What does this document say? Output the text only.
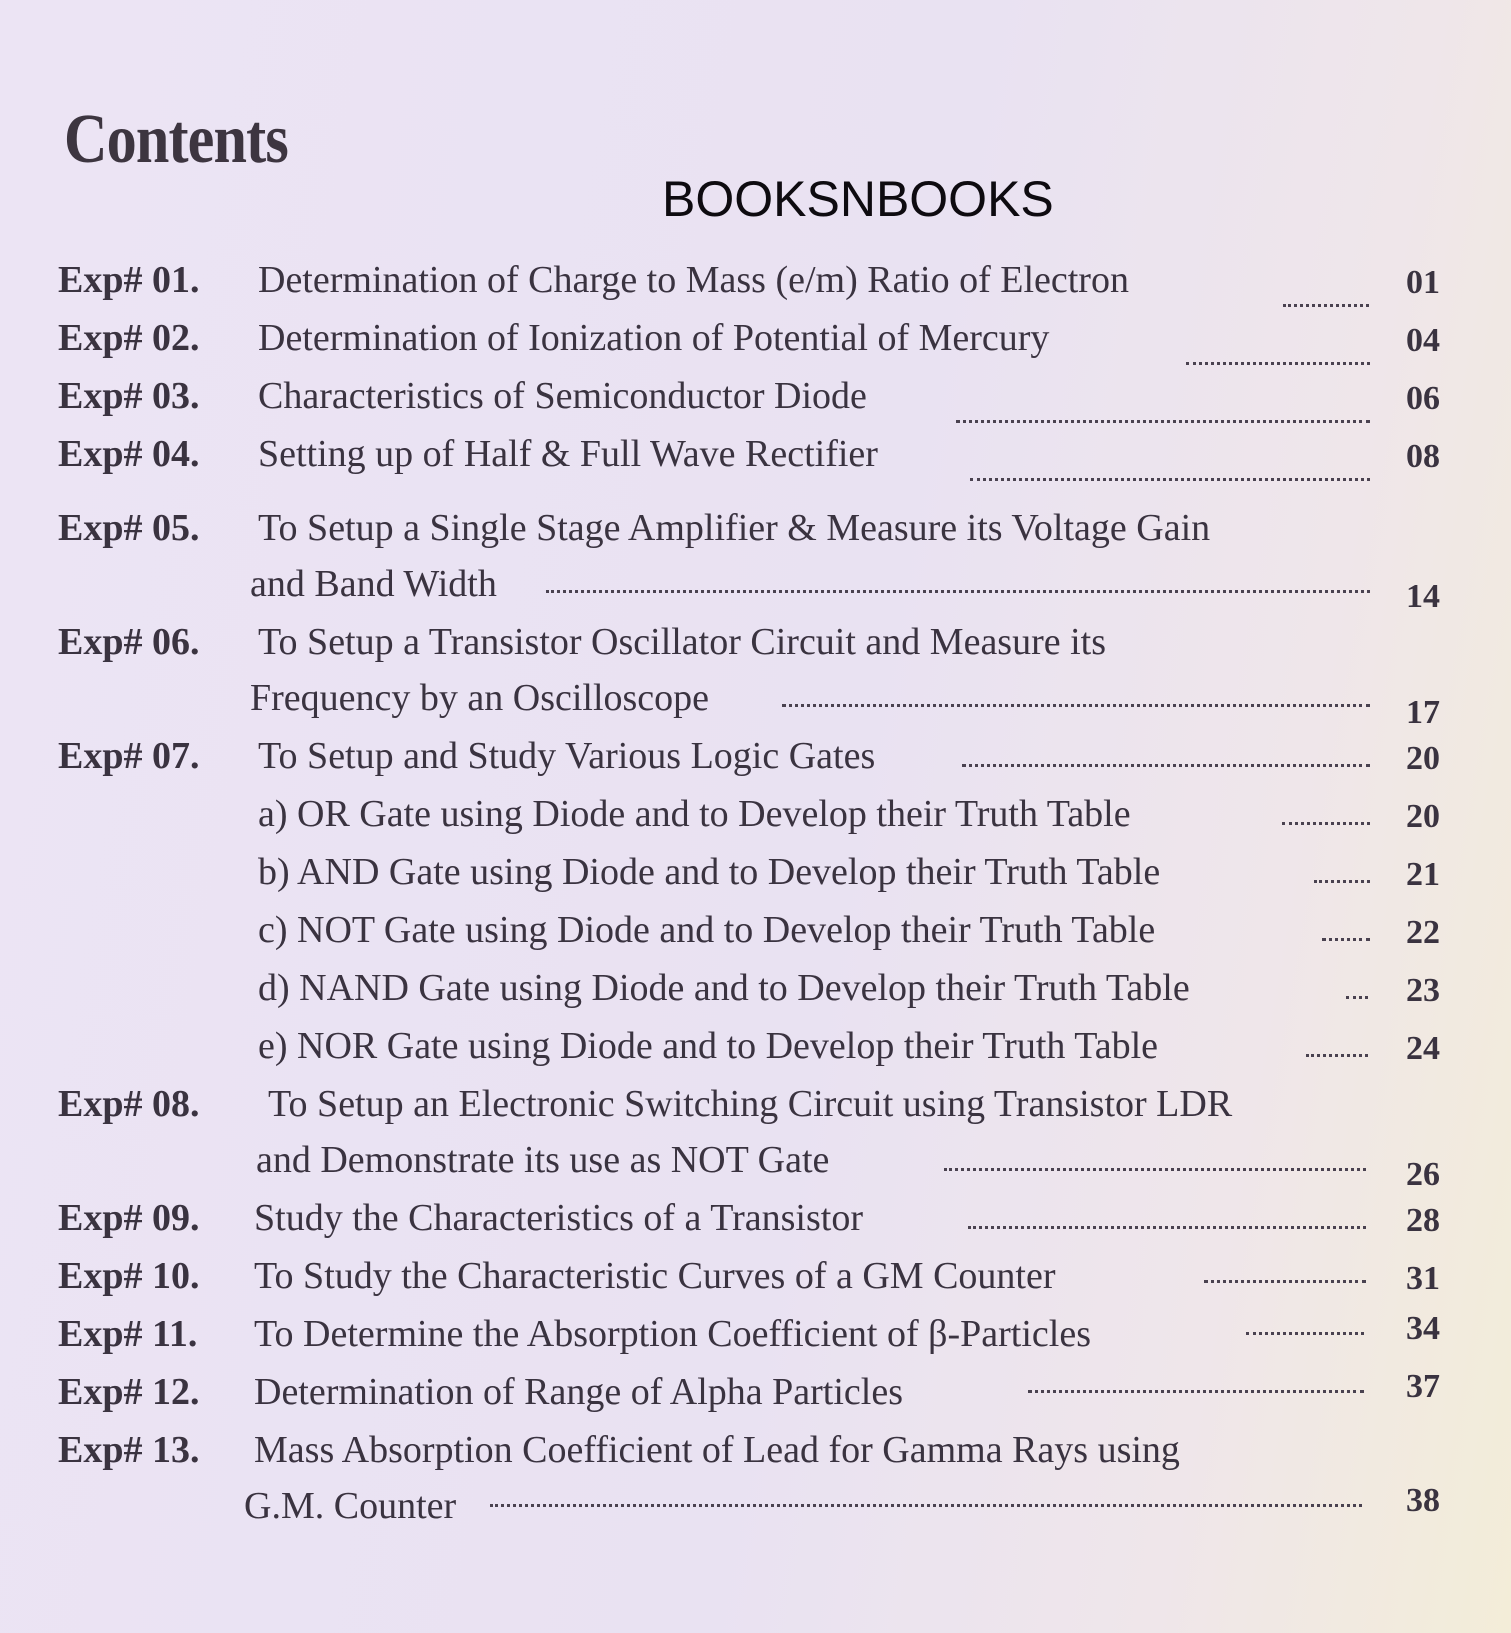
Contents
BOOKSNBOOKS
Exp# 01. Determination of Charge to Mass (e/m) Ratio of Electron	01
Exp# 02. Determination of Ionization of Potential of Mercury	04
Exp# 03. Characteristics of Semiconductor Diode	06
Exp# 04. Setting up of Half & Full Wave Rectifier	08
Exp# 05. To Setup a Single Stage Amplifier & Measure its Voltage Gain
and Band Width	14
Exp# 06. To Setup a Transistor Oscillator Circuit and Measure its
Frequency by an Oscilloscope	17
Exp# 07. To Setup and Study Various Logic Gates	20
a) OR Gate using Diode and to Develop their Truth Table	20
b) AND Gate using Diode and to Develop their Truth Table	21
c) NOT Gate using Diode and to Develop their Truth Table	22
d) NAND Gate using Diode and to Develop their Truth Table	23
e) NOR Gate using Diode and to Develop their Truth Table	24
Exp# 08. To Setup an Electronic Switching Circuit using Transistor LDR
and Demonstrate its use as NOT Gate	26
Exp# 09. Study the Characteristics of a Transistor	28
Exp# 10. To Study the Characteristic Curves of a GM Counter	31
Exp# 11. To Determine the Absorption Coefficient of β-Particles	34
Exp# 12. Determination of Range of Alpha Particles	37
Exp# 13. Mass Absorption Coefficient of Lead for Gamma Rays using
G.M. Counter	38
